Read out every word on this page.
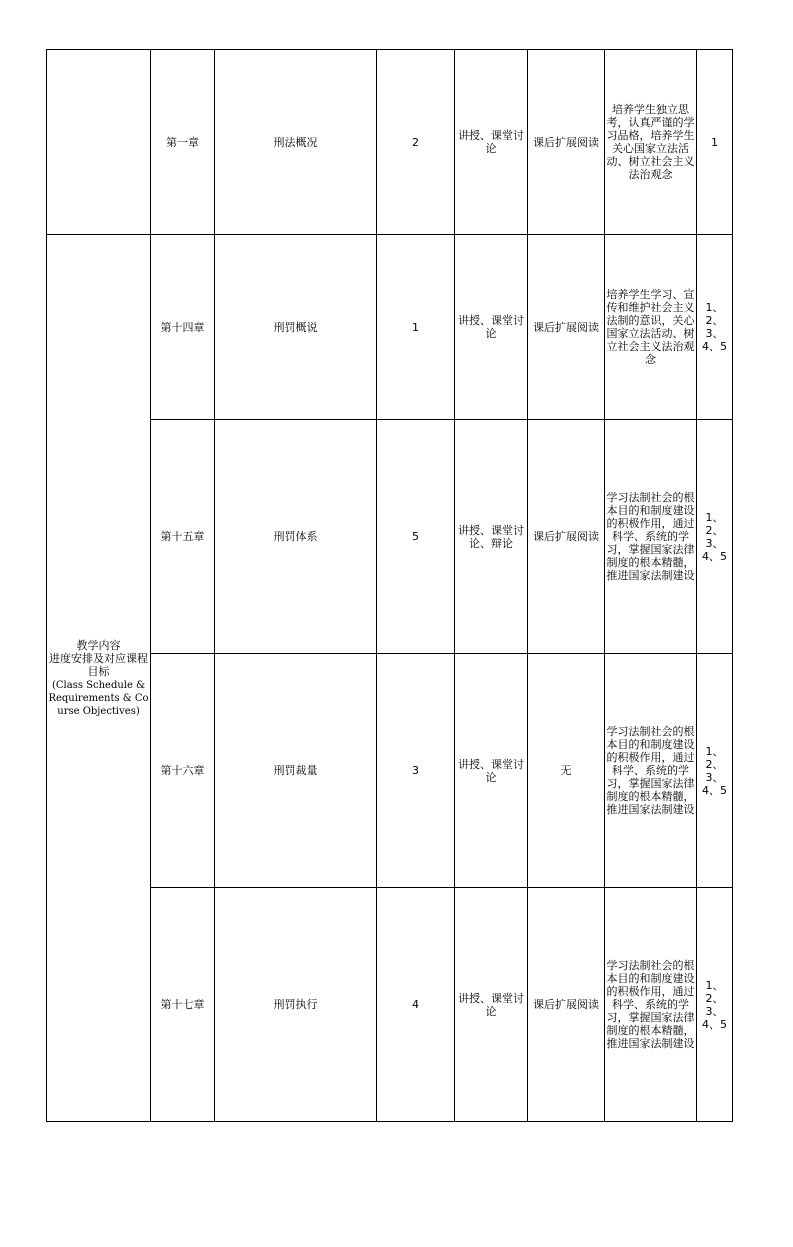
	第一章	刑法概况	2	讲授、课堂讨论	课后扩展阅读	培养学生独立思考，认真严谨的学习品格，培养学生关心国家立法活动、树立社会主义法治观念	1

教学内容
进度安排及对应课程
目标
(Class Schedule & Requirements & Course Objectives)	第十四章	刑罚概说	1	讲授、课堂讨论	课后扩展阅读	培养学生学习、宣传和维护社会主义法制的意识，关心国家立法活动、树立社会主义法治观念	1、2、3、4、5
	第十五章	刑罚体系	5	讲授、课堂讨论、辩论	课后扩展阅读	学习法制社会的根本目的和制度建设的积极作用，通过科学、系统的学习，掌握国家法律制度的根本精髓，推进国家法制建设	1、2、3、4、5
	第十六章	刑罚裁量	3	讲授、课堂讨论	无	学习法制社会的根本目的和制度建设的积极作用，通过科学、系统的学习，掌握国家法律制度的根本精髓，推进国家法制建设	1、2、3、4、5
	第十七章	刑罚执行	4	讲授、课堂讨论	课后扩展阅读	学习法制社会的根本目的和制度建设的积极作用，通过科学、系统的学习，掌握国家法律制度的根本精髓，推进国家法制建设	1、2、3、4、5
